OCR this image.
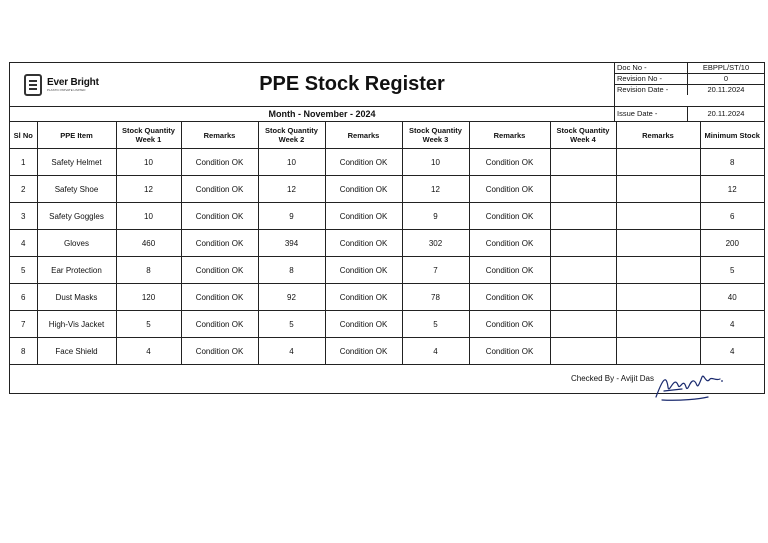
Ever Bright
PLASTIC PRIVATE LIMITED	PPE Stock Register
Doc No -	EBPPL/ST/10
Revision No -	0
Revision Date -	20.11.2024
Month - November - 2024	Issue Date -	20.11.2024
Sl No	PPE Item	Stock Quantity Week 1	Remarks	Stock Quantity Week 2	Remarks	Stock Quantity Week 3	Remarks	Stock Quantity Week 4	Remarks	Minimum Stock
1	Safety Helmet	10	Condition OK	10	Condition OK	10	Condition OK			8
2	Safety Shoe	12	Condition OK	12	Condition OK	12	Condition OK			12
3	Safety Goggles	10	Condition OK	9	Condition OK	9	Condition OK			6
4	Gloves	460	Condition OK	394	Condition OK	302	Condition OK			200
5	Ear Protection	8	Condition OK	8	Condition OK	7	Condition OK			5
6	Dust Masks	120	Condition OK	92	Condition OK	78	Condition OK			40
7	High-Vis Jacket	5	Condition OK	5	Condition OK	5	Condition OK			4
8	Face Shield	4	Condition OK	4	Condition OK	4	Condition OK			4
Checked By - Avijit Das
